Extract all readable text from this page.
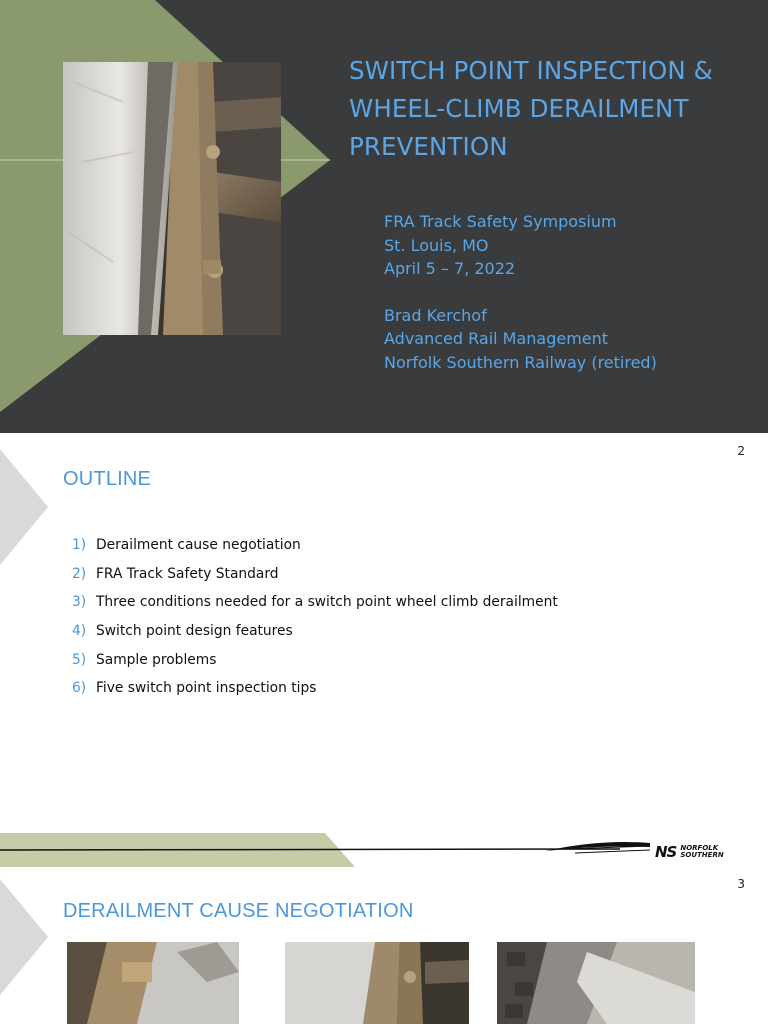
SWITCH POINT INSPECTION &
WHEEL-CLIMB DERAILMENT
PREVENTION
FRA Track Safety Symposium
St. Louis, MO
April 5 – 7, 2022
Brad Kerchof
Advanced Rail Management
Norfolk Southern Railway (retired)
2
OUTLINE
1) Derailment cause negotiation
2) FRA Track Safety Standard
3) Three conditions needed for a switch point wheel climb derailment
4) Switch point design features
5) Sample problems
6) Five switch point inspection tips
NS NORFOLK
SOUTHERN
3
DERAILMENT CAUSE NEGOTIATION
